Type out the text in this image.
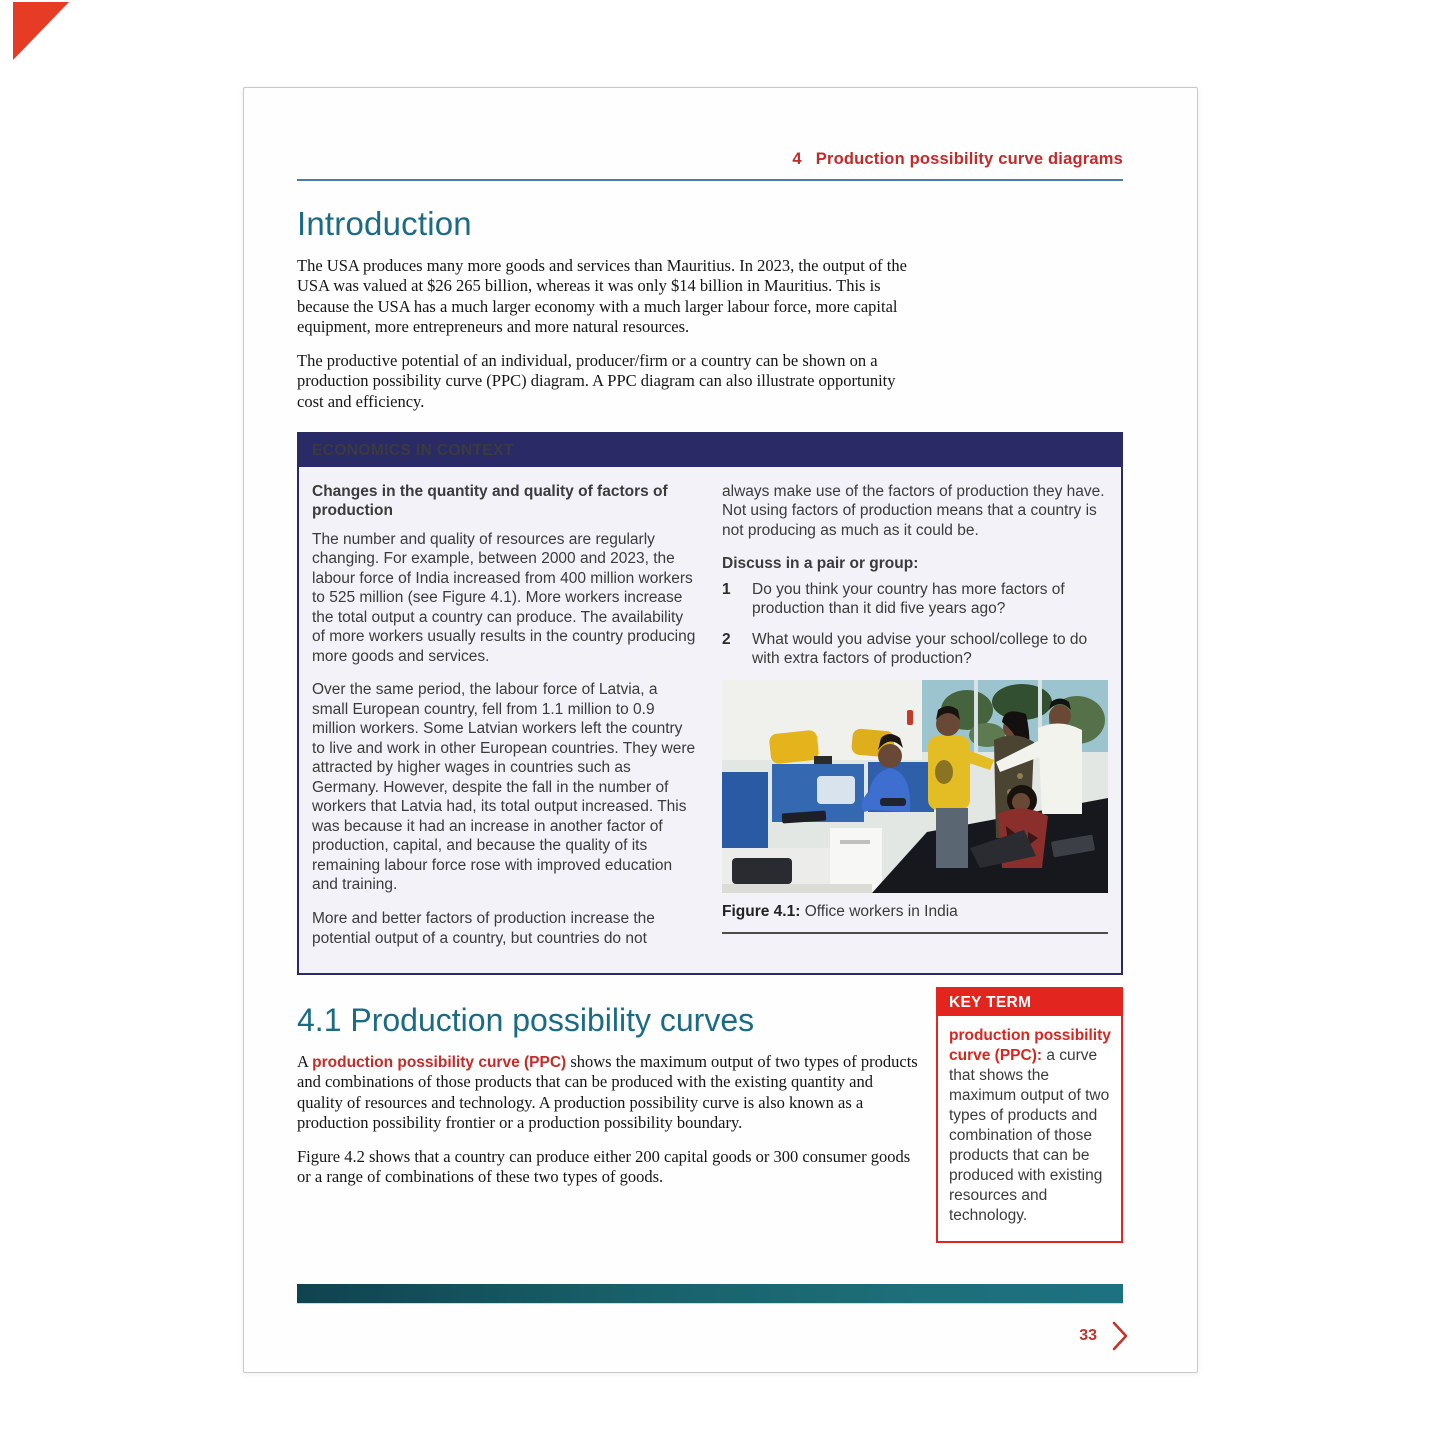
4 Production possibility curve diagrams
Introduction

The USA produces many more goods and services than Mauritius. In 2023, the output of the USA was valued at $26 265 billion, whereas it was only $14 billion in Mauritius. This is because the USA has a much larger economy with a much larger labour force, more capital equipment, more entrepreneurs and more natural resources.

The productive potential of an individual, producer/firm or a country can be shown on a production possibility curve (PPC) diagram. A PPC diagram can also illustrate opportunity cost and efficiency.

ECONOMICS IN CONTEXT
Changes in the quantity and quality of factors of production

The number and quality of resources are regularly changing. For example, between 2000 and 2023, the labour force of India increased from 400 million workers to 525 million (see Figure 4.1). More workers increase the total output a country can produce. The availability of more workers usually results in the country producing more goods and services.

Over the same period, the labour force of Latvia, a small European country, fell from 1.1 million to 0.9 million workers. Some Latvian workers left the country to live and work in other European countries. They were attracted by higher wages in countries such as Germany. However, despite the fall in the number of workers that Latvia had, its total output increased. This was because it had an increase in another factor of production, capital, and because the quality of its remaining labour force rose with improved education and training.

More and better factors of production increase the potential output of a country, but countries do not

always make use of the factors of production they have. Not using factors of production means that a country is not producing as much as it could be.

Discuss in a pair or group:
1	Do you think your country has more factors of production than it did five years ago?
2	What would you advise your school/college to do with extra factors of production?
Figure 4.1: Office workers in India
4.1 Production possibility curves

A production possibility curve (PPC) shows the maximum output of two types of products and combinations of those products that can be produced with the existing quantity and quality of resources and technology. A production possibility curve is also known as a production possibility frontier or a production possibility boundary.

Figure 4.2 shows that a country can produce either 200 capital goods or 300 consumer goods or a range of combinations of these two types of goods.

KEY TERM
production possibility curve (PPC): a curve that shows the maximum output of two types of products and combination of those products that can be produced with existing resources and technology.
33
